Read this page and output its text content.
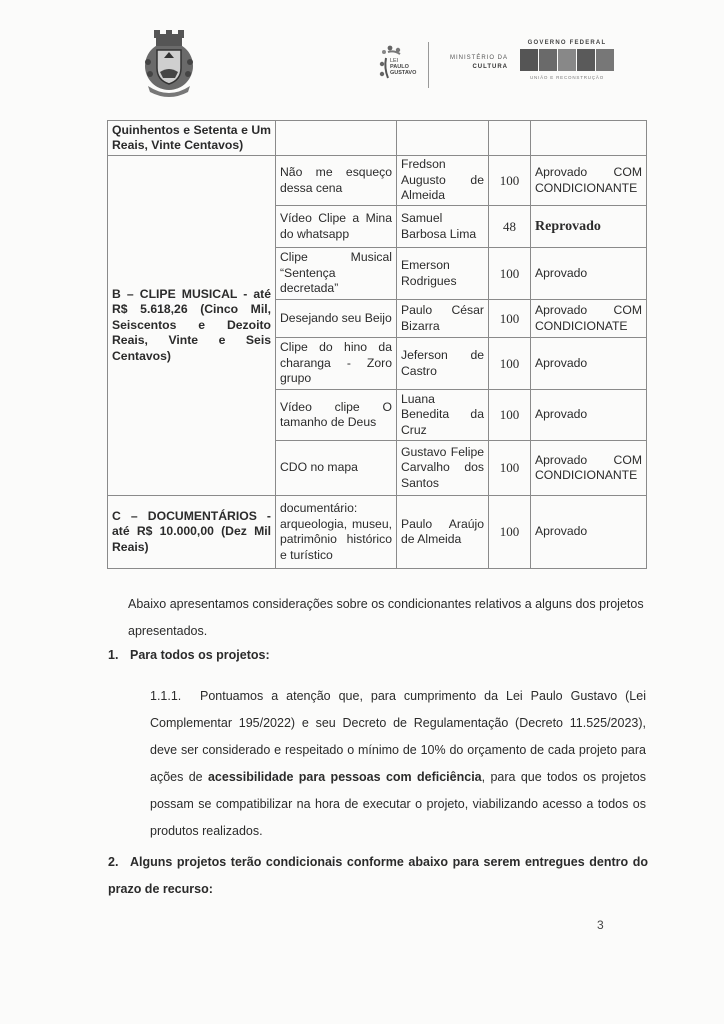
LEI
PAULO
GUSTAVO
MINISTÉRIO DA
CULTURA
GOVERNO FEDERAL
UNIÃO E RECONSTRUÇÃO
Quinhentos e Setenta e Um Reais, Vinte Centavos)				
B – CLIPE MUSICAL - até R$ 5.618,26 (Cinco Mil, Seiscentos e Dezoito Reais, Vinte e Seis Centavos)	Não me esqueço dessa cena	Fredson Augusto de Almeida	100	Aprovado COM CONDICIONANTE
	Vídeo Clipe a Mina do whatsapp	Samuel Barbosa Lima	48	Reprovado
	Clipe Musical “Sentença decretada”	Emerson Rodrigues	100	Aprovado
	Desejando seu Beijo	Paulo César Bizarra	100	Aprovado COM CONDICIONATE
	Clipe do hino da charanga - Zoro grupo	Jeferson de Castro	100	Aprovado
	Vídeo clipe O tamanho de Deus	Luana Benedita da Cruz	100	Aprovado
	CDO no mapa	Gustavo Felipe Carvalho dos Santos	100	Aprovado COM CONDICIONANTE
C – DOCUMENTÁRIOS - até R$ 10.000,00 (Dez Mil Reais)	documentário: arqueologia, museu, patrimônio histórico e turístico	Paulo Araújo de Almeida	100	Aprovado
Abaixo apresentamos considerações sobre os condicionantes relativos a alguns dos projetos apresentados.
1. Para todos os projetos:
1.1.1. Pontuamos a atenção que, para cumprimento da Lei Paulo Gustavo (Lei Complementar 195/2022) e seu Decreto de Regulamentação (Decreto 11.525/2023), deve ser considerado e respeitado o mínimo de 10% do orçamento de cada projeto para ações de acessibilidade para pessoas com deficiência, para que todos os projetos possam se compatibilizar na hora de executar o projeto, viabilizando acesso a todos os produtos realizados.
2. Alguns projetos terão condicionais conforme abaixo para serem entregues dentro do prazo de recurso:
3
